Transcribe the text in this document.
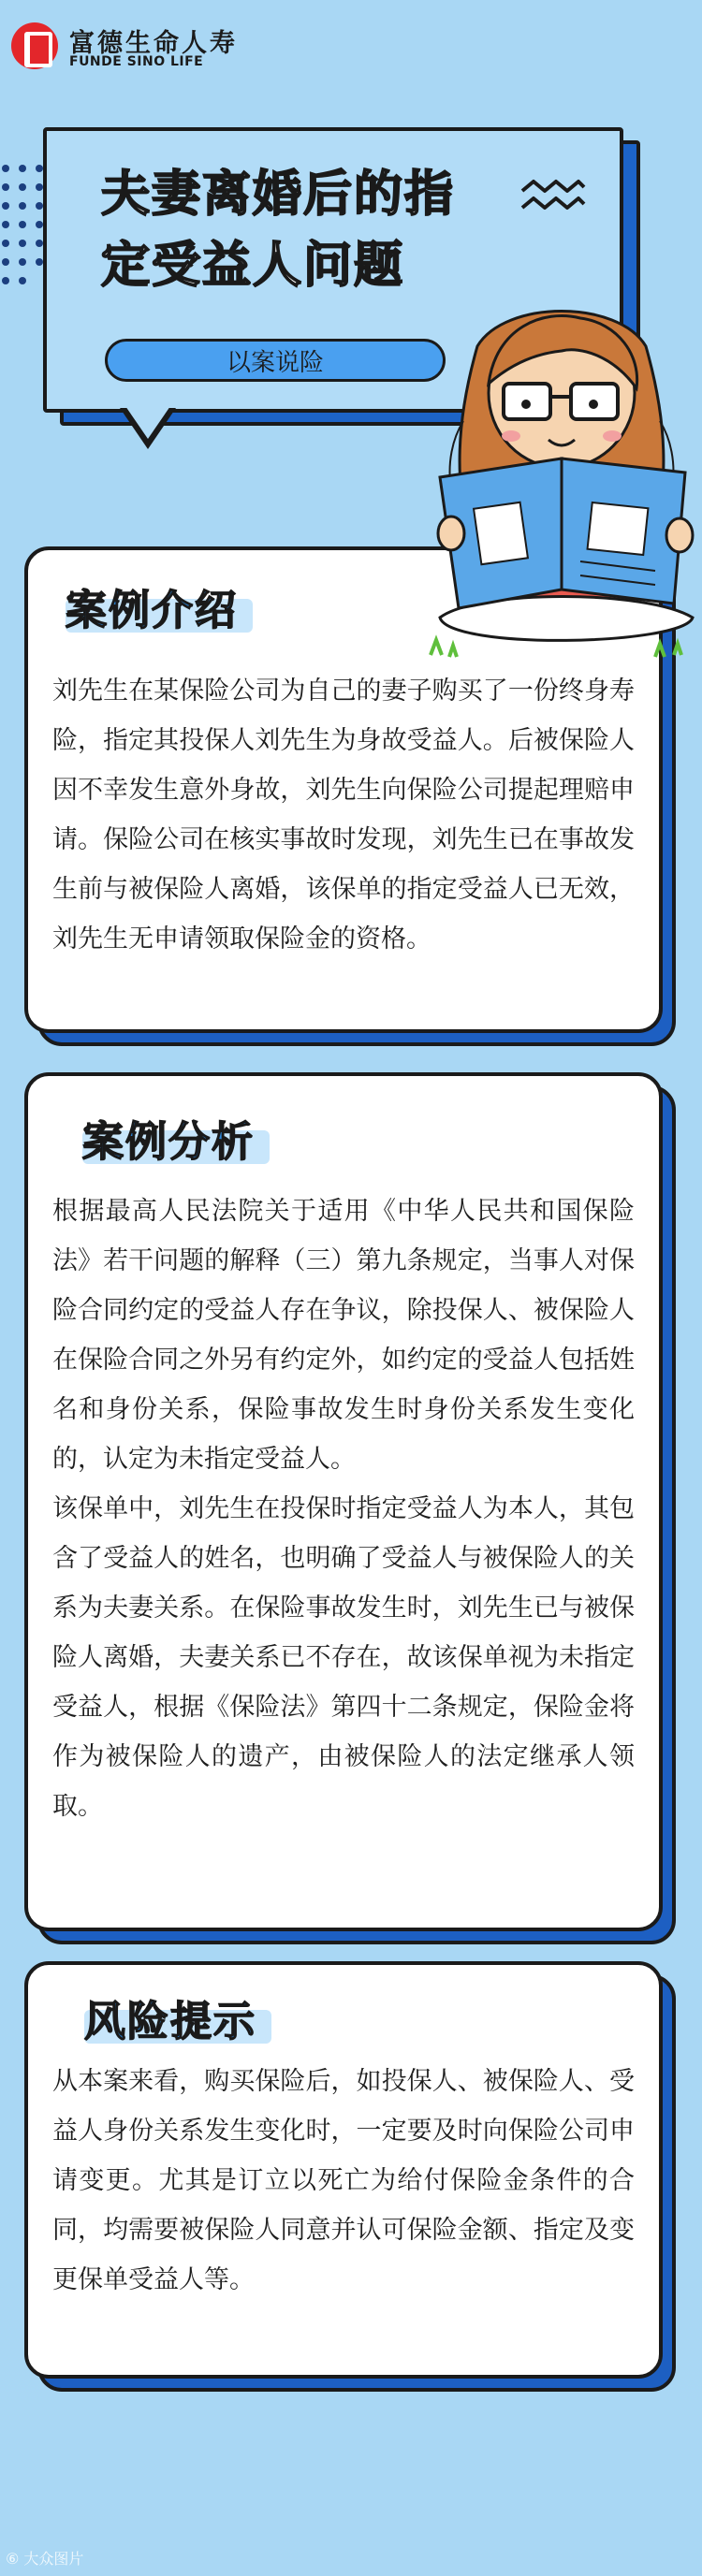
富德生命人寿
FUNDE SINO LIFE
夫妻离婚后的指
定受益人问题
以案说险
案例介绍

刘先生在某保险公司为自己的妻子购买了一份终身寿险，指定其投保人刘先生为身故受益人。后被保险人因不幸发生意外身故，刘先生向保险公司提起理赔申请。保险公司在核实事故时发现，刘先生已在事故发生前与被保险人离婚，该保单的指定受益人已无效，刘先生无申请领取保险金的资格。

案例分析

根据最高人民法院关于适用《中华人民共和国保险法》若干问题的解释（三）第九条规定，当事人对保险合同约定的受益人存在争议，除投保人、被保险人在保险合同之外另有约定外，如约定的受益人包括姓名和身份关系，保险事故发生时身份关系发生变化的，认定为未指定受益人。

该保单中，刘先生在投保时指定受益人为本人，其包含了受益人的姓名，也明确了受益人与被保险人的关系为夫妻关系。在保险事故发生时，刘先生已与被保险人离婚，夫妻关系已不存在，故该保单视为未指定受益人，根据《保险法》第四十二条规定，保险金将作为被保险人的遗产，由被保险人的法定继承人领取。

风险提示

从本案来看，购买保险后，如投保人、被保险人、受益人身份关系发生变化时，一定要及时向保险公司申请变更。尤其是订立以死亡为给付保险金条件的合同，均需要被保险人同意并认可保险金额、指定及变更保单受益人等。

⑥ 大众图片
